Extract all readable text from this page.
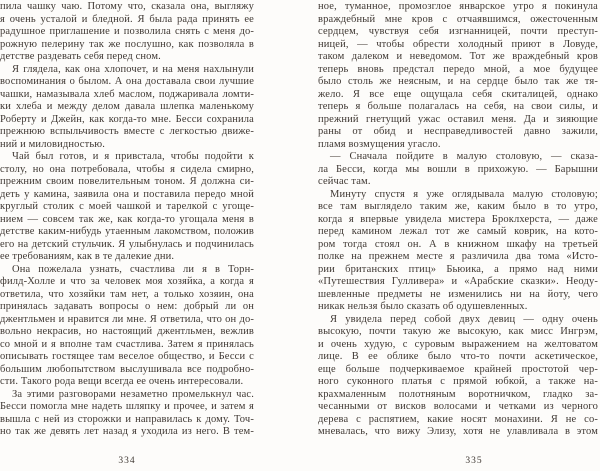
пила чашку чаю. Потому что, сказала она, выгляжу
я очень усталой и бледной. Я была рада принять ее
радушное приглашение и позволила снять с меня до-
рожную пелерину так же послушно, как позволяла в
детстве раздевать себя перед сном.
Я глядела, как она хлопочет, и на меня нахлынули
воспоминания о былом. А она доставала свои лучшие
чашки, намазывала хлеб маслом, поджаривала ломти-
ки хлеба и между делом давала шлепка маленькому
Роберту и Джейн, как когда-то мне. Бесси сохранила
прежнюю вспыльчивость вместе с легкостью движе-
ний и миловидностью.
Чай был готов, и я привстала, чтобы подойти к
столу, но она потребовала, чтобы я сидела смирно,
прежним своим повелительным тоном. Я должна си-
деть у камина, заявила она и поставила передо мной
круглый столик с моей чашкой и тарелкой с угоще-
нием — совсем так же, как когда-то угощала меня в
детстве каким-нибудь утаенным лакомством, положив
его на детский стульчик. Я улыбнулась и подчинилась
ее требованиям, как в те далекие дни.
Она пожелала узнать, счастлива ли я в Торн-
филд-Холле и что за человек моя хозяйка, а когда я
ответила, что хозяйки там нет, а только хозяин, она
принялась задавать вопросы о нем: добрый ли он
джентльмен и нравится ли мне. Я ответила, что он до-
вольно некрасив, но настоящий джентльмен, вежлив
со мной и я вполне там счастлива. Затем я принялась
описывать гостящее там веселое общество, и Бесси с
большим любопытством выслушивала все подробно-
сти. Такого рода вещи всегда ее очень интересовали.
За этими разговорами незаметно промелькнул час.
Бесси помогла мне надеть шляпку и прочее, и затем я
вышла с ней из сторожки и направилась к дому. Точ-
но так же девять лет назад я уходила из него. В тем-
334
ное, туманное, промозглое январское утро я покинула
враждебный мне кров с отчаявшимся, ожесточенным
сердцем, чувствуя себя изгнанницей, почти преступ-
ницей, — чтобы обрести холодный приют в Ловуде,
таком далеком и неведомом. Тот же враждебный кров
теперь вновь предстал передо мной, а мое будущее
было столь же неясным, и на сердце было так же тя-
жело. Я все еще ощущала себя скиталицей, однако
теперь я больше полагалась на себя, на свои силы, и
прежний гнетущий ужас оставил меня. Да и зияющие
раны от обид и несправедливостей давно зажили,
пламя возмущения угасло.
— Сначала пойдите в малую столовую, — сказа-
ла Бесси, когда мы вошли в прихожую. — Барышни
сейчас там.
Минуту спустя я уже оглядывала малую столовую;
все там выглядело таким же, каким было в то утро,
когда я впервые увидела мистера Броклхерста, — даже
перед камином лежал тот же самый коврик, на кото-
ром тогда стоял он. А в книжном шкафу на третьей
полке на прежнем месте я различила два тома «Исто-
рии британских птиц» Бьюика, а прямо над ними
«Путешествия Гулливера» и «Арабские сказки». Неоду-
шевленные предметы не изменились ни на йоту, чего
никак нельзя было сказать об одушевленных.
Я увидела перед собой двух девиц — одну очень
высокую, почти такую же высокую, как мисс Ингрэм,
и очень худую, с суровым выражением на желтоватом
лице. В ее облике было что-то почти аскетическое,
еще больше подчеркиваемое крайней простотой чер-
ного суконного платья с прямой юбкой, а также на-
крахмаленным полотняным воротничком, гладко за-
чесанными от висков волосами и четками из черного
дерева с распятием, какие носят монахини. Я не со-
мневалась, что вижу Элизу, хотя не улавливала в этом
335
